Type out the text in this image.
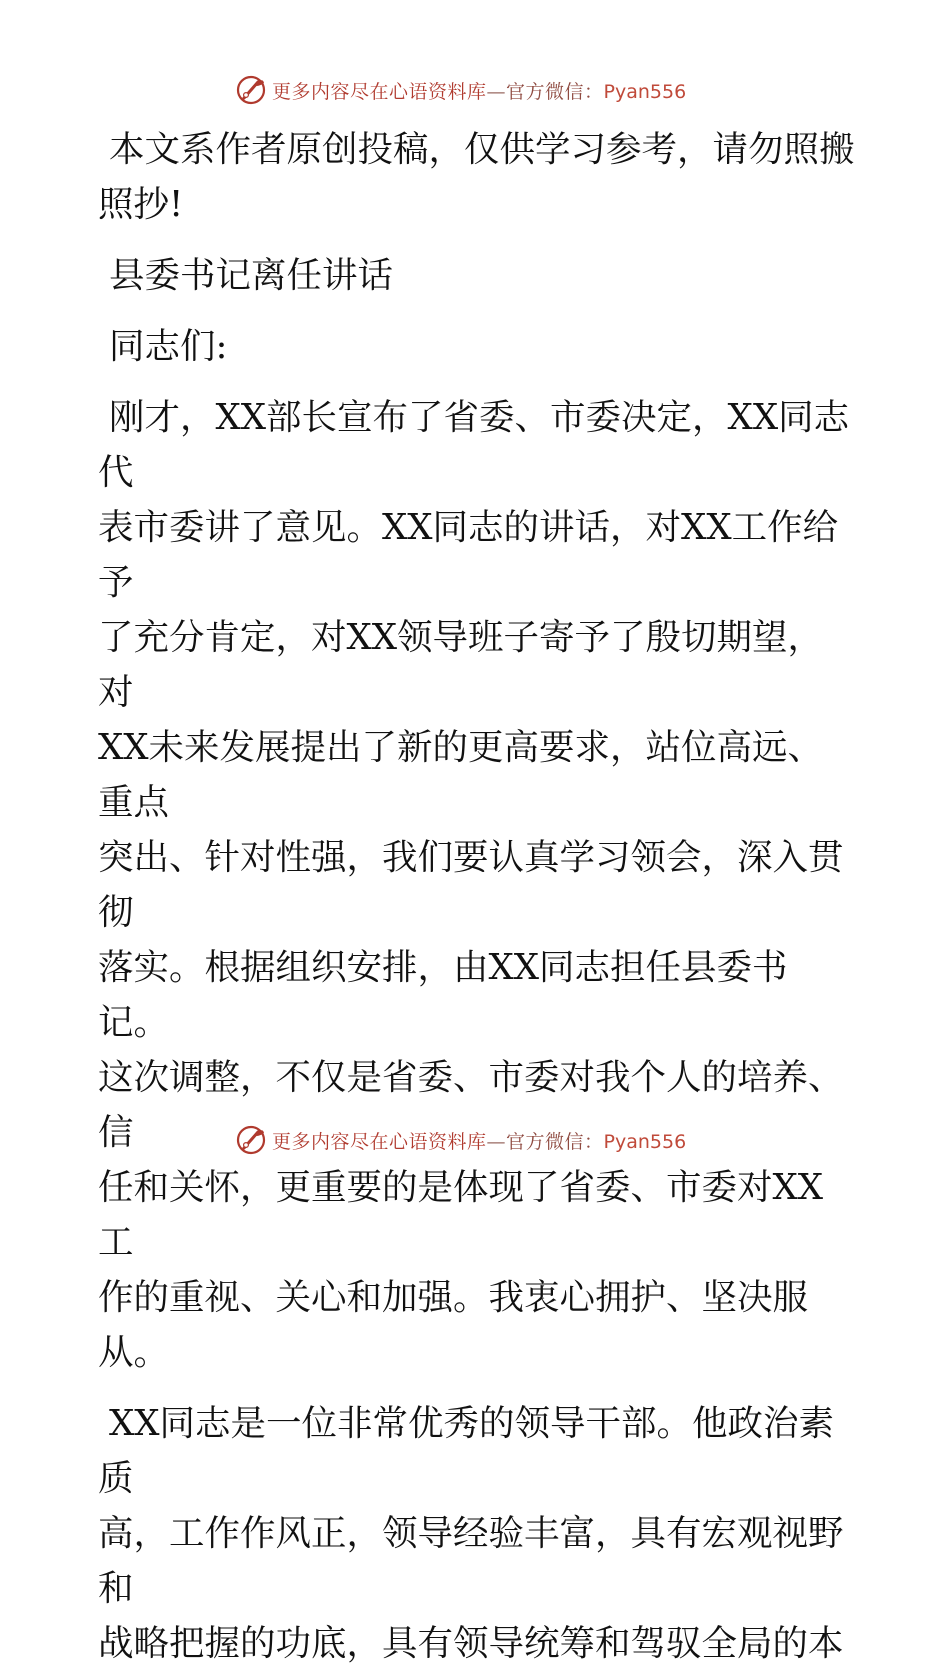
更多内容尽在心语资料库—官方微信：Pyan556

本文系作者原创投稿，仅供学习参考，请勿照搬
照抄!

县委书记离任讲话

同志们:

刚才，XX部长宣布了省委、市委决定，XX同志代
表市委讲了意见。XX同志的讲话，对XX工作给予
了充分肯定，对XX领导班子寄予了殷切期望，对
XX未来发展提出了新的更高要求，站位高远、重点
突出、针对性强，我们要认真学习领会，深入贯彻
落实。根据组织安排，由XX同志担任县委书记。
这次调整，不仅是省委、市委对我个人的培养、信
任和关怀，更重要的是体现了省委、市委对XX工
作的重视、关心和加强。我衷心拥护、坚决服从。

XX同志是一位非常优秀的领导干部。他政治素质
高，工作作风正，领导经验丰富，具有宏观视野和
战略把握的功底，具有领导统筹和驾驭全局的本

更多内容尽在心语资料库—官方微信：Pyan556
